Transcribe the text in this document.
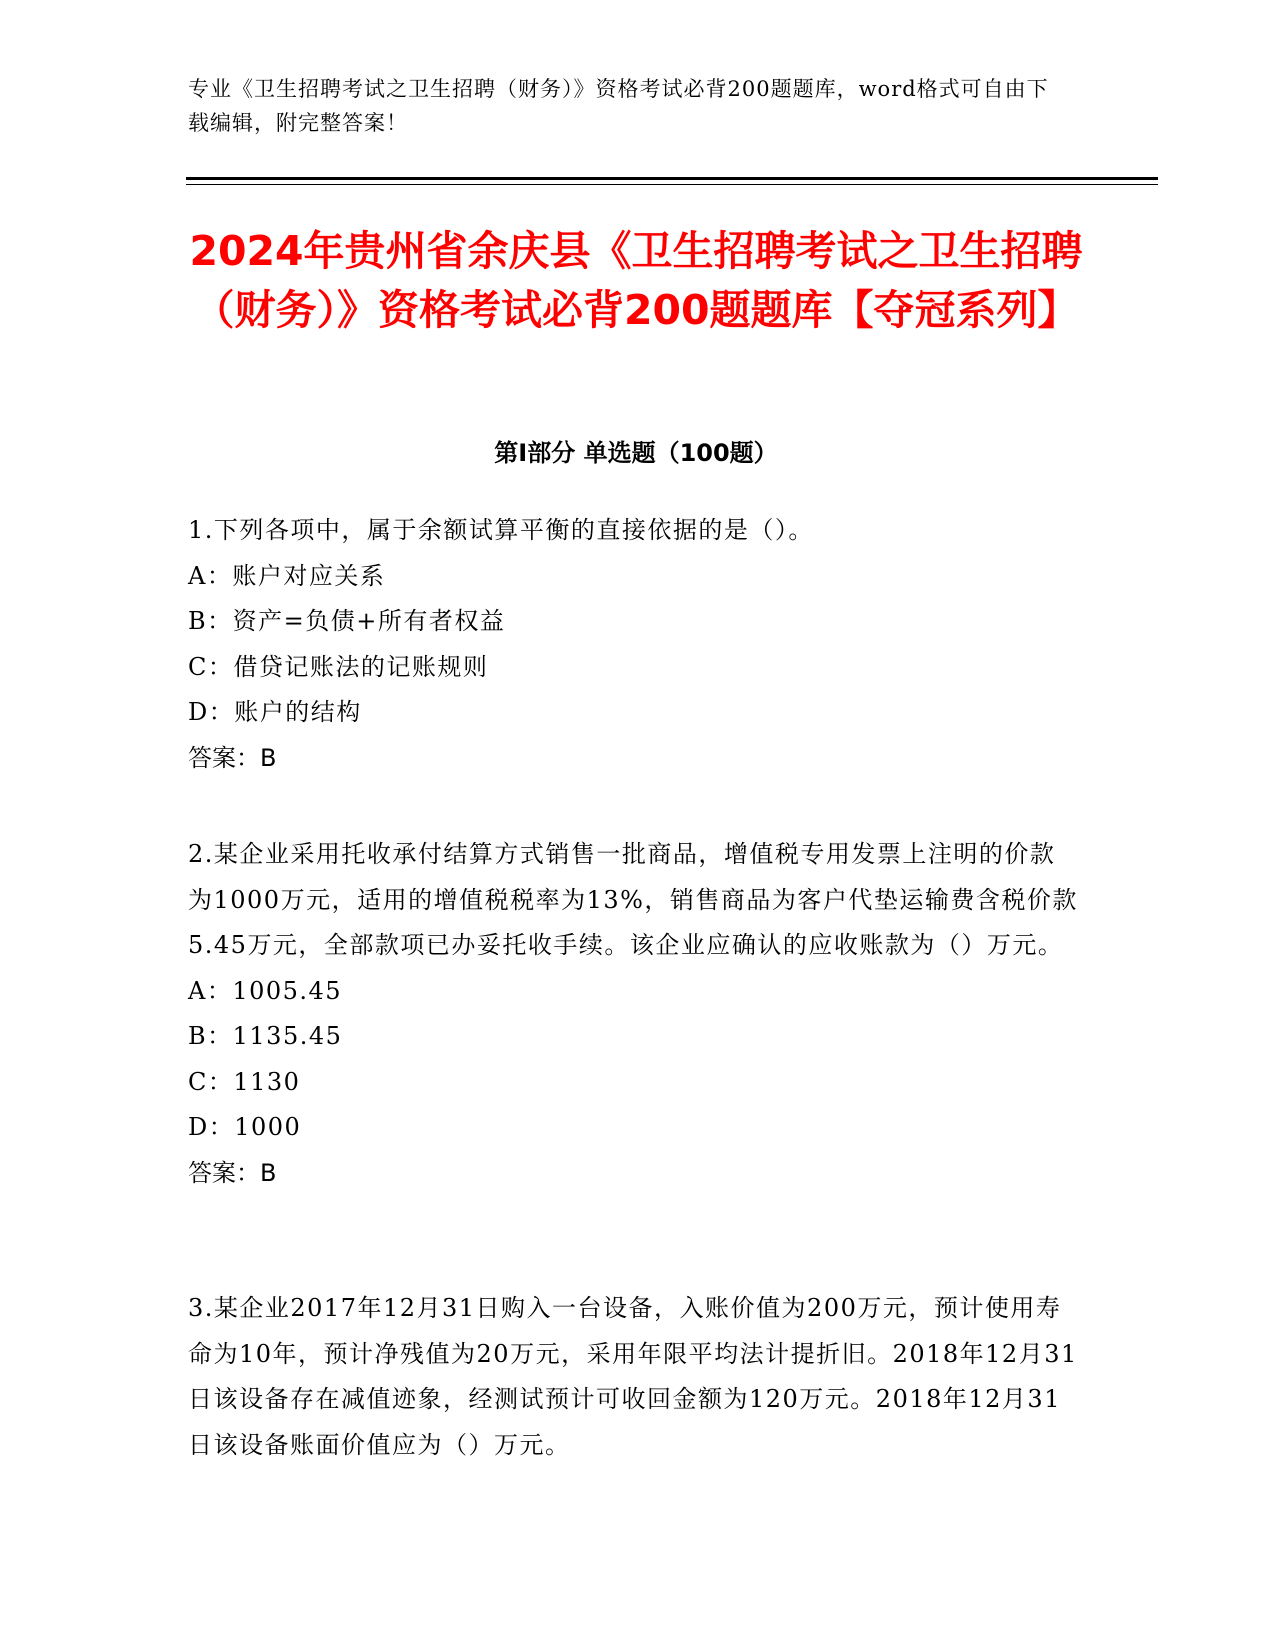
专业《卫生招聘考试之卫生招聘（财务）》资格考试必背200题题库，word格式可自由下载编辑，附完整答案！
2024年贵州省余庆县《卫生招聘考试之卫生招聘（财务）》资格考试必背200题题库【夺冠系列】
第I部分 单选题（100题）
1.下列各项中，属于余额试算平衡的直接依据的是（）。
A：账户对应关系
B：资产=负债+所有者权益
C：借贷记账法的记账规则
D：账户的结构
答案：B
2.某企业采用托收承付结算方式销售一批商品，增值税专用发票上注明的价款为1000万元，适用的增值税税率为13%，销售商品为客户代垫运输费含税价款5.45万元，全部款项已办妥托收手续。该企业应确认的应收账款为（）万元。
A：1005.45
B：1135.45
C：1130
D：1000
答案：B
3.某企业2017年12月31日购入一台设备，入账价值为200万元，预计使用寿命为10年，预计净残值为20万元，采用年限平均法计提折旧。2018年12月31日该设备存在减值迹象，经测试预计可收回金额为120万元。2018年12月31日该设备账面价值应为（）万元。
